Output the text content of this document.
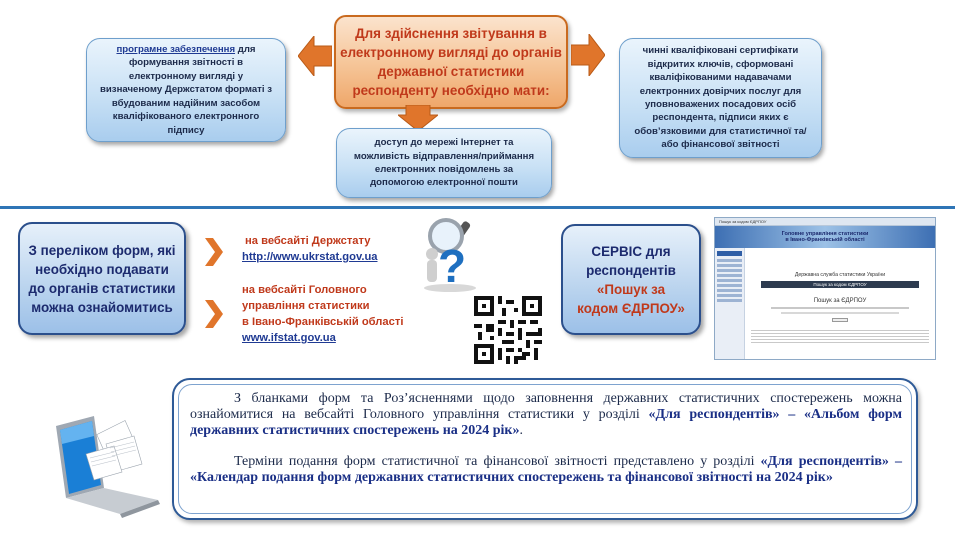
Для здійснення звітування в електронному вигляді до органів державної статистики респонденту необхідно мати:
програмне забезпечення для формування звітності в електронному вигляді у визначеному Держстатом форматі з вбудованим надійним засобом кваліфікованого електронного підпису
чинні кваліфіковані сертифікати відкритих ключів, сформовані кваліфікованими надавачами електронних довірчих послуг для уповноважених посадових осіб респондента, підписи яких є обов’язковими для статистичної та/або фінансової звітності
доступ до мережі Інтернет та можливість відправлення/приймання електронних повідомлень за допомогою електронної пошти
З переліком форм, які необхідно подавати до органів статистики можна ознайомитись
на вебсайті Держстату
http://www.ukrstat.gov.ua
на вебсайті Головного
управління статистики
в Івано-Франківській області
www.ifstat.gov.ua
?	СЕРВІС для
респондентів
«Пошук за
кодом ЄДРПОУ»
Пошук за кодом ЄДРПОУ
Головне управління статистики
в Івано-Франківській області
Державна служба статистики України
Пошук за кодом ЄДРПОУ
Пошук за ЄДРПОУ
З бланками форм та Роз’ясненнями щодо заповнення державних статистичних спостережень можна ознайомитися на вебсайті Головного управління статистики у розділі «Для респондентів» – «Альбом форм державних статистичних спостережень на 2024 рік».
Терміни подання форм статистичної та фінансової звітності представлено у розділі «Для респондентів» – «Календар подання форм державних статистичних спостережень та фінансової звітності на 2024 рік»
